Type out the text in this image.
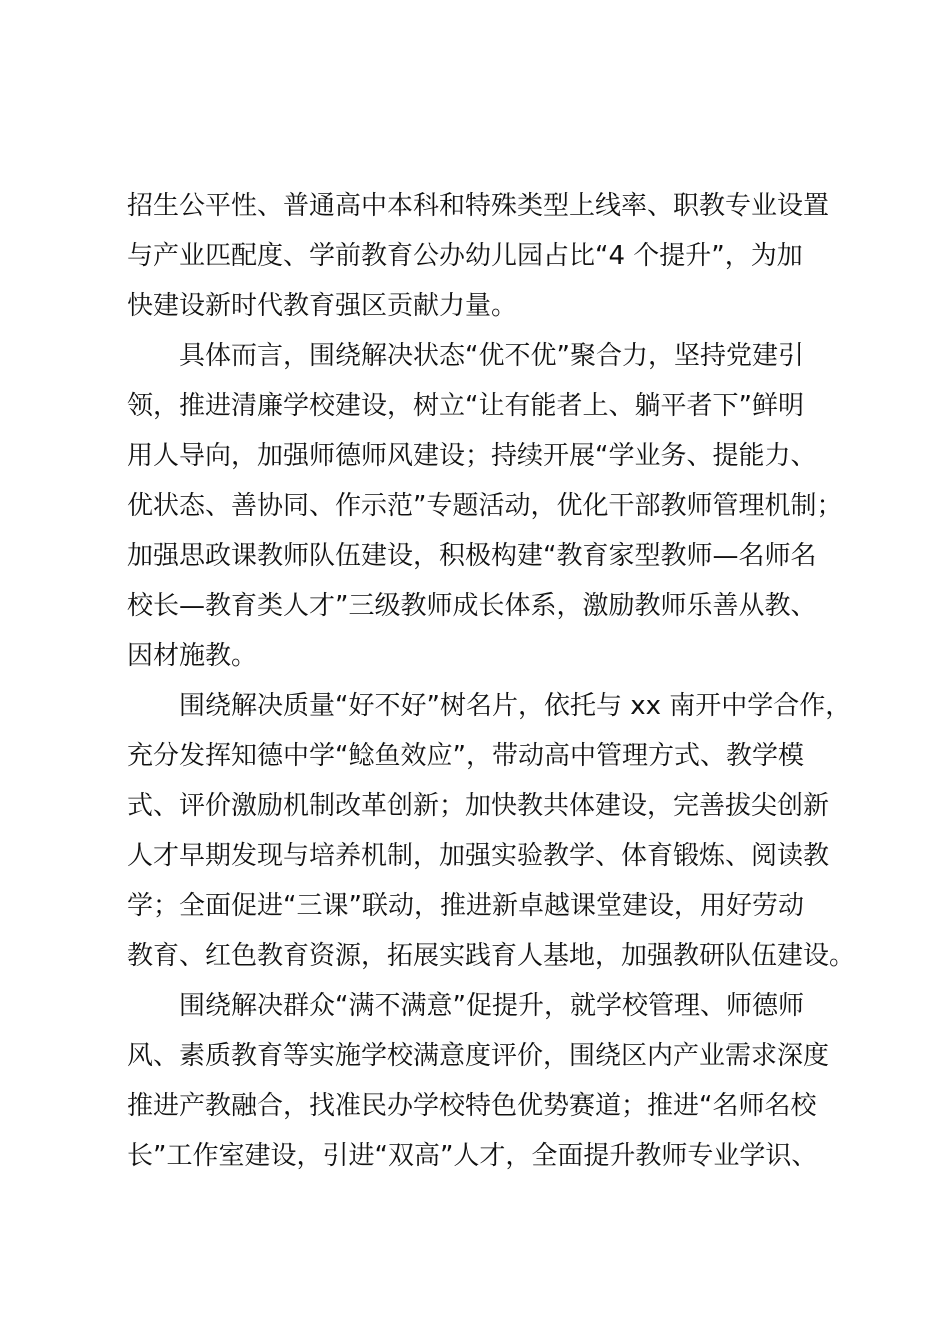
招生公平性、普通高中本科和特殊类型上线率、职教专业设置
与产业匹配度、学前教育公办幼儿园占比“4 个提升”，为加
快建设新时代教育强区贡献力量。
具体而言，围绕解决状态“优不优”聚合力，坚持党建引
领，推进清廉学校建设，树立“让有能者上、躺平者下”鲜明
用人导向，加强师德师风建设；持续开展“学业务、提能力、
优状态、善协同、作示范”专题活动，优化干部教师管理机制；
加强思政课教师队伍建设，积极构建“教育家型教师—名师名
校长—教育类人才”三级教师成长体系，激励教师乐善从教、
因材施教。
围绕解决质量“好不好”树名片，依托与 xx 南开中学合作，
充分发挥知德中学“鲶鱼效应”，带动高中管理方式、教学模
式、评价激励机制改革创新；加快教共体建设，完善拔尖创新
人才早期发现与培养机制，加强实验教学、体育锻炼、阅读教
学；全面促进“三课”联动，推进新卓越课堂建设，用好劳动
教育、红色教育资源，拓展实践育人基地，加强教研队伍建设。
围绕解决群众“满不满意”促提升，就学校管理、师德师
风、素质教育等实施学校满意度评价，围绕区内产业需求深度
推进产教融合，找准民办学校特色优势赛道；推进“名师名校
长”工作室建设，引进“双高”人才，全面提升教师专业学识、
